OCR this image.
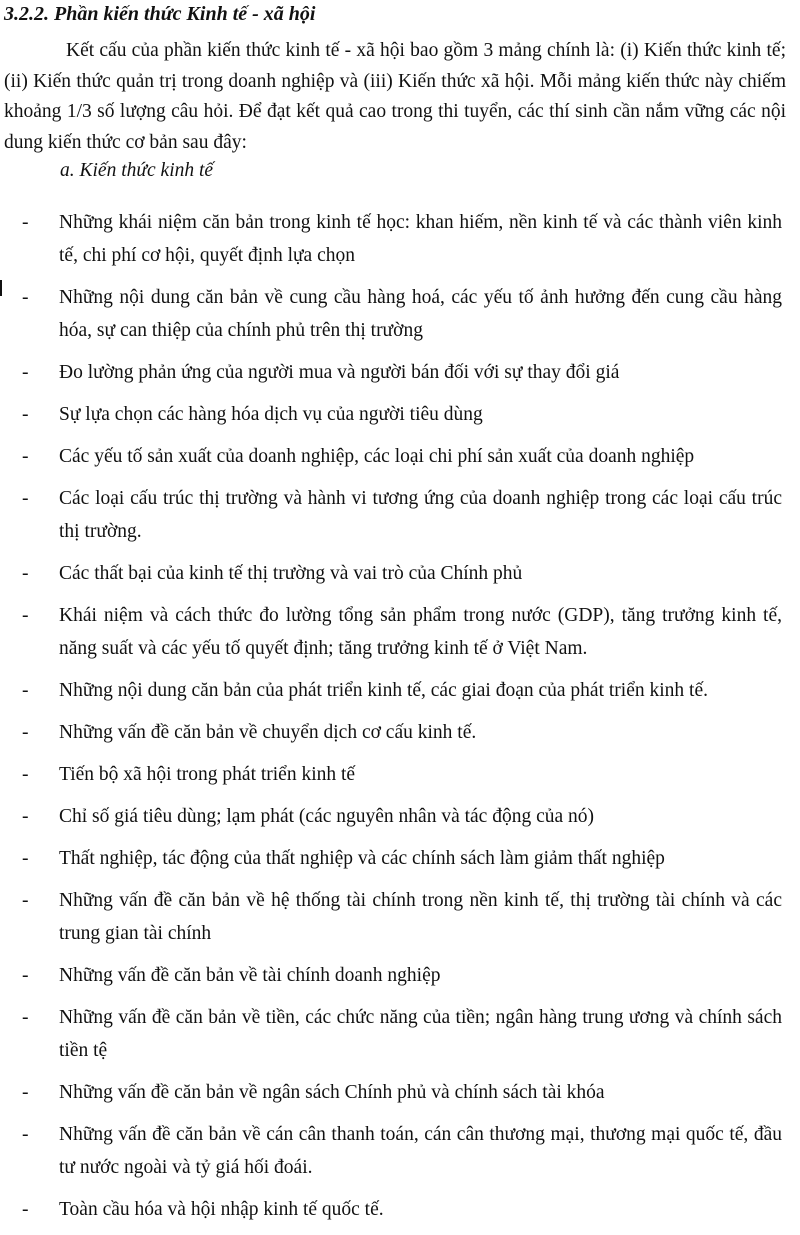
3.2.2. Phần kiến thức Kinh tế - xã hội

Kết cấu của phần kiến thức kinh tế - xã hội bao gồm 3 mảng chính là: (i) Kiến thức kinh tế; (ii) Kiến thức quản trị trong doanh nghiệp và (iii) Kiến thức xã hội. Mỗi mảng kiến thức này chiếm khoảng 1/3 số lượng câu hỏi. Để đạt kết quả cao trong thi tuyển, các thí sinh cần nắm vững các nội dung kiến thức cơ bản sau đây:

a. Kiến thức kinh tế
- Những khái niệm căn bản trong kinh tế học: khan hiếm, nền kinh tế và các thành viên kinh tế, chi phí cơ hội, quyết định lựa chọn
- Những nội dung căn bản về cung cầu hàng hoá, các yếu tố ảnh hưởng đến cung cầu hàng hóa, sự can thiệp của chính phủ trên thị trường
- Đo lường phản ứng của người mua và người bán đối với sự thay đổi giá
- Sự lựa chọn các hàng hóa dịch vụ của người tiêu dùng
- Các yếu tố sản xuất của doanh nghiệp, các loại chi phí sản xuất của doanh nghiệp
- Các loại cấu trúc thị trường và hành vi tương ứng của doanh nghiệp trong các loại cấu trúc thị trường.
- Các thất bại của kinh tế thị trường và vai trò của Chính phủ
- Khái niệm và cách thức đo lường tổng sản phẩm trong nước (GDP), tăng trưởng kinh tế, năng suất và các yếu tố quyết định; tăng trưởng kinh tế ở Việt Nam.
- Những nội dung căn bản của phát triển kinh tế, các giai đoạn của phát triển kinh tế.
- Những vấn đề căn bản về chuyển dịch cơ cấu kinh tế.
- Tiến bộ xã hội trong phát triển kinh tế
- Chỉ số giá tiêu dùng; lạm phát (các nguyên nhân và tác động của nó)
- Thất nghiệp, tác động của thất nghiệp và các chính sách làm giảm thất nghiệp
- Những vấn đề căn bản về hệ thống tài chính trong nền kinh tế, thị trường tài chính và các trung gian tài chính
- Những vấn đề căn bản về tài chính doanh nghiệp
- Những vấn đề căn bản về tiền, các chức năng của tiền; ngân hàng trung ương và chính sách tiền tệ
- Những vấn đề căn bản về ngân sách Chính phủ và chính sách tài khóa
- Những vấn đề căn bản về cán cân thanh toán, cán cân thương mại, thương mại quốc tế, đầu tư nước ngoài và tỷ giá hối đoái.
- Toàn cầu hóa và hội nhập kinh tế quốc tế.
